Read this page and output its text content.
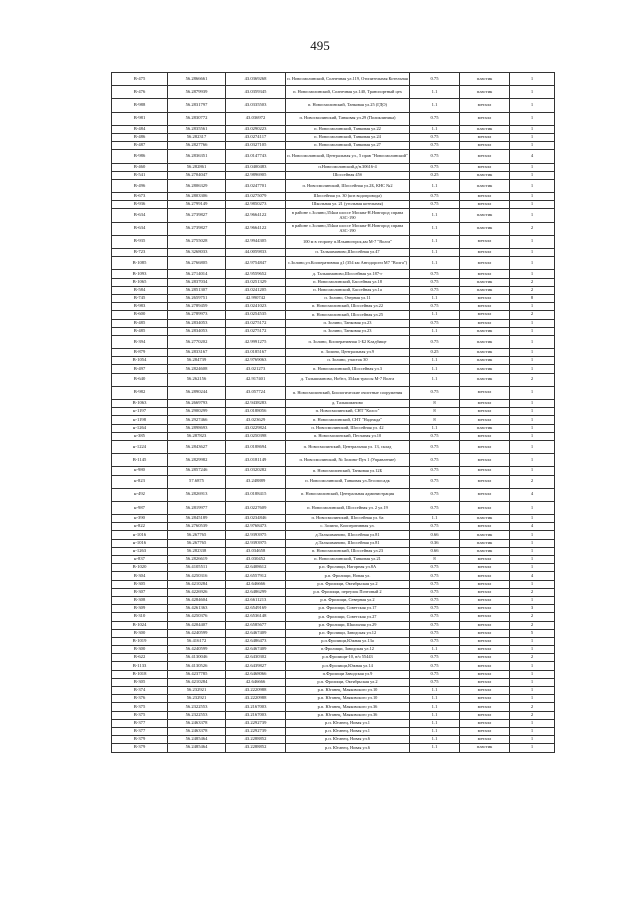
495
В-475	56.2866661	43.0369268	п. Новосмолинский, Солнечная ул.119, Отопительная Котельная	0.75	пластик	1
В-476	56.2879939	43.0359345	п. Новосмолинский, Солнечная ул.140, Транспортный цех	1.1	пластик	1
В-988	56.2831797	43.0335503	п. Новосмолинский, Танковая ул.25 (ГДО)	1.1	металл	1
В-981	56.2830772	43.036972	п. Новосмолинский, Танковая ул.29 (Поликлиника)	0.75	металл	1
В-484	56.2835561	43.0290223	п. Новосмолинский, Танковая ул.22	1.1	пластик	1
В-486	56.282317	43.0274117	п. Новосмолинский, Танковая ул.24	0.75	металл	1
В-487	56.2827766	43.0327105	п. Новосмолинский, Танковая ул.27	0.75	металл	1
В-986	56.2836351	43.0147743	п. Новосмолинский, Центральная ул., 5 прав "Новосмолинский"	0.75	металл	4
В-460	56.282861	43.0400483	п.Новосмолинский,д/н.30616-4	0.75	металл	1
В-541	56.2704047	42.9896905	Шоссейная 45б	0.25	пластик	1
В-496	56.2806329	43.0247701	п. Новосмолинский, Шоссейная ул.2Б, КНС №2	1.1	пластик	1
В-673	56.2803306	43.0275079	Шоссейная ул. 30 (кпз водопровода)	0.75	металл	1
В-936	56.2799149	42.9850273	Школьная ул. 21 (угольная котельная)	0.75	металл	1
В-634	56.2739827	42.9664122	в районе с.Золино,354км шоссе Москва-Н.Новгород справа АЗС-190	1.1	пластик	1
В-634	56.2739827	42.9664122	в районе с.Золино,354км шоссе Москва-Н.Новгород справа АЗС-190	1.1	пластик	2
В-935	56.2755028	42.9944305	100 м в сторону п.Ильиногорск,км М-7 "Волга"	1.1	металл	1
В-723	56.3268033	44.0059833	п. Талышманово,Шоссейная ул.47	1.1	металл	1
В-1085	56.2766805	42.9754847	с.Золино,ул.Кооперативная д1 (354 км Автодороги М7 "Волга")	1.1	металл	1
В-1093	56.2714014	42.9559652	д. Талышманово,Шоссейная ул.187-г	0.75	металл	1
В-1065	56.2837034	43.0251329	п. Новосмолинский, Бассейная ул.18	0.75	пластик	2
В-584	56.2851307	43.0241205	п. Новосмолинский, Бассейная ул.1а	0.75	пластик	2
В-745	56.2659751	42.990742	п. Золино, Озерная ул.11	1.1	металл	8
В-983	56.2789459	43.0241023	п. Новосмолинский, Шоссейная ул.22	0.75	металл	1
В-600	56.2789973	43.0254535	п. Новосмолинский, Шоссейная ул.25	1.1	металл	2
В-485	56.2834053	43.0275172	п. Золино, Танковая ул.23	0.75	металл	1
В-485	56.2834053	43.0275172	п. Золино, Танковая ул.23	1.1	пластик	1
В-394	56.2770202	42.9991275	п. Золино, Кооперативная 1-Б2 Кладбище	0.75	пластик	1
В-879	56.2833167	43.0185167	п. Золино, Центральная ул.9	0.25	пластик	1
В-1054	56.284739	42.9769063	п. Золино, участок 30	1.1	пластик	1
В-497	56.2824608	43.021273	п. Новосмолинский, Шоссейная ул.3	1.1	пластик	1
В-640	56.262156	42.917401	д. Талышманово, Нобел, 354км трассы М-7 Волга	1.1	пластик	2
В-982	56.2890244	43.057724	п. Новосмолинский, Биологические очистные сооружения	0.75	металл	1
В-1063	56.2669793	42.9438283	д. Талышманово	8	металл	1
н-1197	56.2900299	43.0188056	п. Новосмолинский, СНТ "Колос"	8	металл	1
н-1198	56.2927466	43.023629	п. Новосмолинский, СНТ "Надежда"	8	металл	1
н-1264	56.2898693	43.0229824	п. Новосмолинский, Шоссейная ул. 42	1.1	пластик	1
н-385	56.287823	43.0250398	п. Новосмолинский, Песчаная ул.10	0.75	металл	1
н-1224	56.2843627	43.0188694	п. Новосмолинский, Центральная ул. 13, склад	0.75	металл	1
В-1145	56.2829982	43.0181149	п. Новосмолинский, № Золино-Пуч 1 (Управление)	0.75	металл	1
н-980	56.2857246	43.0320282	п. Новосмолинский, Танковая ул.12Б	0.75	металл	1
н-823	57.6875	43.248889	п. Новосмолинский, Танковая ул.Лесопосадк	0.75	металл	2
н-492	56.2826913	43.0188415	п. Новосмолинский, Центральная администрация	0.75	металл	4
н-987	56.2819977	43.0227609	п. Новосмолинский, Шоссейная ул. 2 ул.19	0.75	металл	1
н-390	56.2845189	43.0234846	п. Новосмолинский, Шоссейная ул. 6а	1.1	пластик	1
н-822	56.2760539	42.9768473	с. Золино, Кооперативная ул.	0.75	металл	4
н-1016	56.267765	42.9393975	д.Талышманово, Шоссейная ул.81	0.66	пластик	1
н-1016	56.267765	42.9393975	д.Талышманово, Шоссейная ул.81	0.36	пластик	1
н-1263	56.282338	43.034658	п. Новосмолинский, Шоссейная ул.23	0.66	пластик	1
н-837	56.2826619	43.030452	п. Новосмолинский, Танковая ул.21	8	металл	1
В-1020	56.4105511	42.6408612	р.п. Фролищи, Нагорная ул.8А	0.75	металл	1
В-304	56.4250316	42.6557912	р.п. Фролищи, Новая ул.	0.75	металл	4
В-305	56.4210284	42.646666	р.п. Фролищи, Октябрьская ул.2	0.75	металл	1
В-307	56.4226926	42.6486299	р.п. Фролищи, переулок Почтовый 2	0.75	металл	2
В-308	56.4284604	42.6611213	р.п. Фролищи, Северная ул.2	0.75	металл	1
В-309	56.4261363	42.6549169	р.п. Фролищи, Советская ул.17	0.75	металл	3
В-310	56.4250376	42.6536148	р.п. Фролищи, Советская ул.27	0.75	металл	2
В-1024	56.4204407	42.6585677	р.п. Фролищи, Школьная ул.29	0.75	металл	2
В-300	56.4240599	42.6467409	р.п. Фролищи, Заводская ул.12	0.75	металл	5
В-1019	56.416172	42.6486473	р.п.Фролищи,Южная ул.13а	0.75	металл	1
В-300	56.4240599	42.6467409	п.Фролищи, Заводская ул.12	1.1	металл	1
В-622	56.4130046	42.6430302	р.п.Фролищи-10, в/ч 55443	0.75	металл	2
В-1133	56.4130526	42.6439827	р.п.Фролищи,Южная ул.14	0.75	металл	1
В-1018	56.4237785	42.6468066	п.Фролищи Заводская ул.9	0.75	металл	1
В-305	56.4210284	42.646666	р.п. Фролищи, Октябрьская ул.2	0.75	металл	1
В-374	56.232921	43.2220988	р.п. Юганец, Маяковского ул.10	1.1	металл	1
В-376	56.232921	43.2220988	р.п. Юганец, Маяковского ул.10	1.1	металл	1
В-375	56.2322553	43.2167003	р.п. Юганец, Маяковского ул.36	1.1	металл	2
В-375	56.2322553	43.2167003	р.п. Юганец, Маяковского ул.36	1.1	металл	2
В-377	56.2463378	43.2292739	р.п. Юганец, Новая ул.1	1.1	металл	1
В-377	56.2463378	43.2292739	р.п. Юганец, Новая ул.1	1.1	металл	1
В-379	56.2485464	43.2288852	р.п. Юганец, Новая ул.6	1.1	металл	1
В-379	56.2485464	43.2288852	р.п. Юганец, Новая ул.6	1.1	пластик	1
